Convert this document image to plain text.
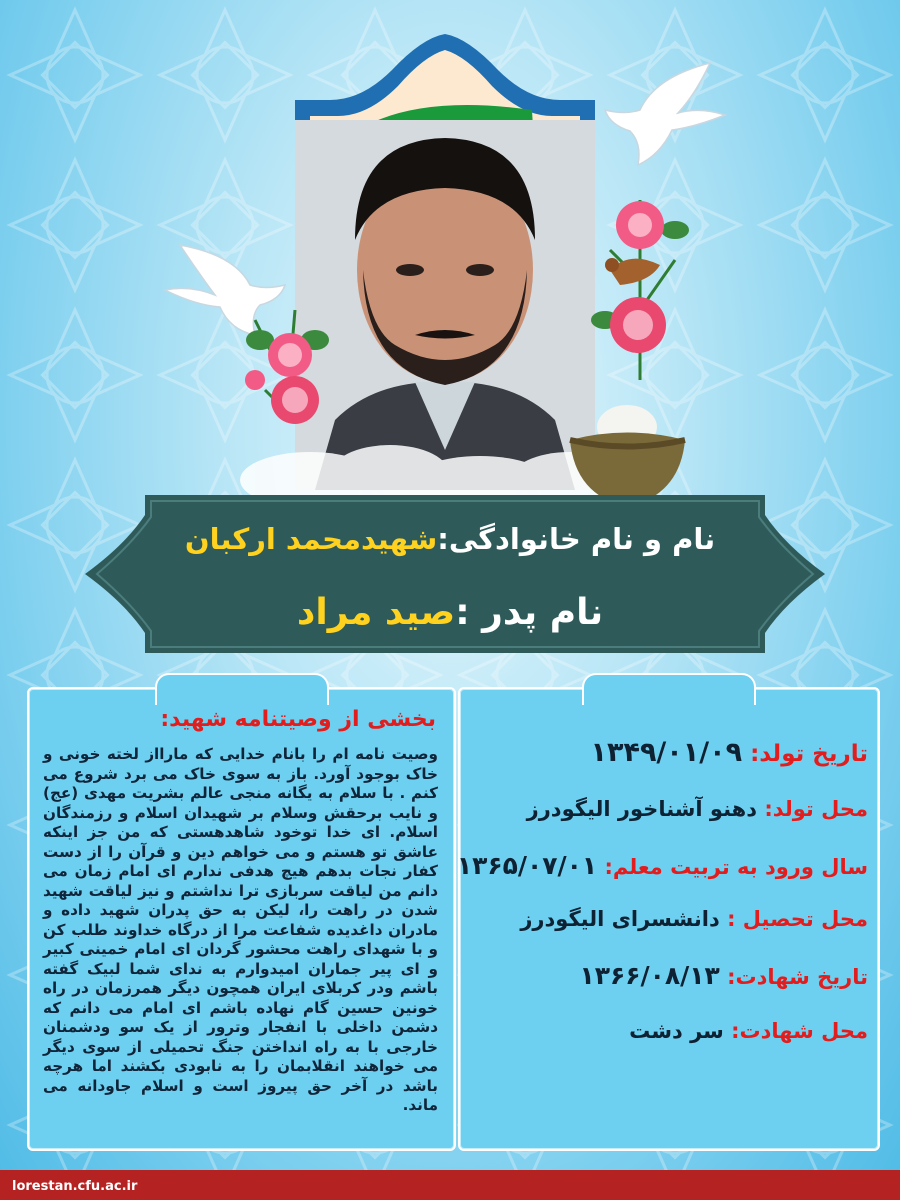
نام و نام خانوادگی:شهیدمحمد ارکبان
نام پدر :صید مراد
بخشی از وصیتنامه شهید:
وصیت نامه ام را بانام خدایی که مارااز لخته خونی و خاک بوجود آورد. باز به سوی خاک می برد شروع می کنم . با سلام به یگانه منجی عالم بشریت مهدی (عج) و نایب برحقش وسلام بر شهیدان اسلام و رزمندگان اسلام. ای خدا توخود شاهدهستی که من جز اینکه عاشق تو هستم و می خواهم دین و قرآن را از دست کفار نجات بدهم هیچ هدفی ندارم ای امام زمان می دانم من لیاقت سربازی ترا نداشتم و نیز لیاقت شهید شدن در راهت را، لیکن به حق پدران شهید داده و مادران داغدیده شفاعت مرا از درگاه خداوند طلب کن و با شهدای راهت محشور گردان ای امام خمینی کبیر و ای پیر جماران امیدوارم به ندای شما لبیک گفته باشم ودر کربلای ایران همچون دیگر همرزمان در راه خونین حسین گام نهاده باشم ای امام می دانم که دشمن داخلی با انفجار وترور از یک سو ودشمنان خارجی با به راه انداختن جنگ تحمیلی از سوی دیگر می خواهند انقلابمان را به نابودی بکشند اما هرچه باشد در آخر حق پیروز است و اسلام جاودانه می ماند.
تاریخ تولد: ۱۳۴۹/۰۱/۰۹
محل تولد: دهنو آشناخور الیگودرز
سال ورود به تربیت معلم: ۱۳۶۵/۰۷/۰۱
محل تحصیل : دانشسرای الیگودرز
تاریخ شهادت: ۱۳۶۶/۰۸/۱۳
محل شهادت: سر دشت
lorestan.cfu.ac.ir
